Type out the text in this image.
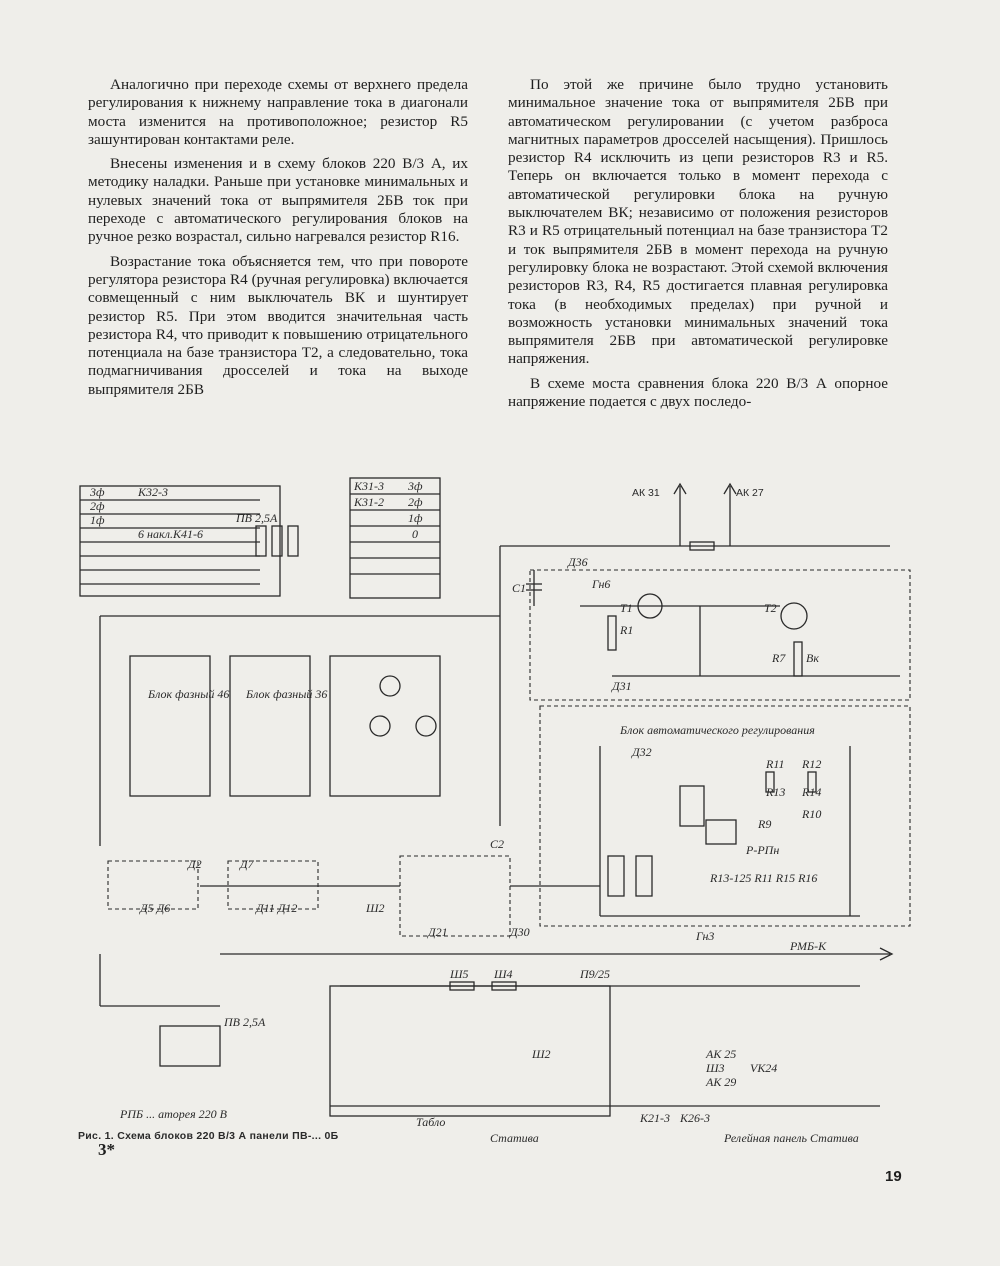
Аналогично при переходе схемы от верхнего предела регулирования к нижнему направление тока в диагонали моста изменится на противоположное; резистор R5 зашунтирован контактами реле.

Внесены изменения и в схему блоков 220 В/3 А, их методику наладки. Раньше при установке минимальных и нулевых значений тока от выпрямителя 2БВ ток при переходе с автоматического регулирования блоков на ручное резко возрастал, сильно нагревался резистор R16.

Возрастание тока объясняется тем, что при повороте регулятора резистора R4 (ручная регулировка) включается совмещенный с ним выключатель ВК и шунтирует резистор R5. При этом вводится значительная часть резистора R4, что приводит к повышению отрицательного потенциала на базе транзистора Т2, а следовательно, тока подмагничивания дросселей и тока на выходе выпрямителя 2БВ

По этой же причине было трудно установить минимальное значение тока от выпрямителя 2БВ при автоматическом регулировании (с учетом разброса магнитных параметров дросселей насыщения). Пришлось резистор R4 исключить из цепи резисторов R3 и R5. Теперь он включается только в момент перехода с автоматической регулировки блока на ручную выключателем ВК; независимо от положения резисторов R3 и R5 отрицательный потенциал на базе транзистора Т2 и ток выпрямителя 2БВ в момент перехода на ручную регулировку блока не возрастают. Этой схемой включения резисторов R3, R4, R5 достигается плавная регулировка тока (в необходимых пределах) при ручной и возможность установки минимальных значений тока выпрямителя 2БВ при автоматической регулировке напряжения.

В схеме моста сравнения блока 220 В/3 А опорное напряжение подается с двух последо-

3ф	К32-3
2ф
1ф
6 накл.К41-6
ПВ 2,5А
К31-3
К31-2
3ф
2ф
1ф
0
АК 31	АК 27
Блок автоматического регулирования
Гн6
Д36
С1
Т1	Т2
R1
R7 Вк
Д31
Д32
R11 R12
R13 R14
R9
R10
Р-РПн
R13-125 R11 R15 R16
Гн3
Блок фазный 46 Блок фазный 36
Д5 Д6	Д11 Д12
Д2	Д7
Д21	Д30
С2
Ш2
РМБ-К
Ш5 Ш4
Ш2
П9/25
АК 25
Ш3
АК 29
VК24
К21-3 К26-3
ПВ 2,5А
РПБ ... аторея 220 В
Табло
Статива	Релейная панель Статива
Рис. 1. Схема блоков 220 В/3 А панели ПВ-... 0Б
3*
19
